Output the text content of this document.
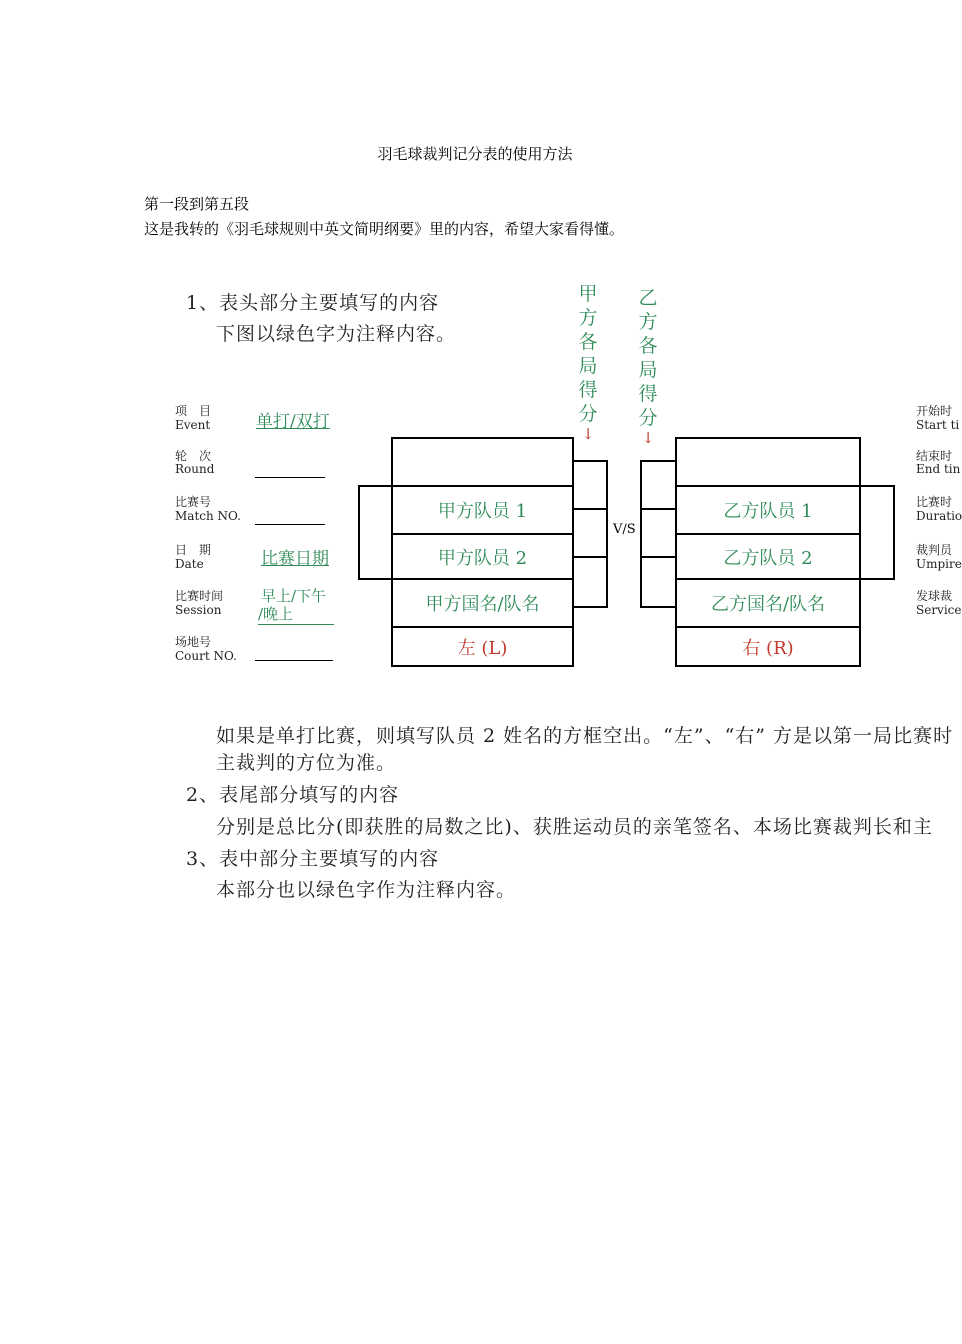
羽毛球裁判记分表的使用方法
第一段到第五段
这是我转的《羽毛球规则中英文简明纲要》里的内容，希望大家看得懂。
1、表头部分主要填写的内容
下图以绿色字为注释内容。
甲
方
各
局
得
分
↓
乙
方
各
局
得
分
↓
项　目
Event	单打/双打
轮　次
Round
比赛号
Match NO.
日　期
Date	比赛日期
比赛时间
Session
早上/下午
/晚上
场地号
Court NO.
甲方队员 1
甲方队员 2
甲方国名/队名
左 (L)
V/S
乙方队员 1
乙方队员 2
乙方国名/队名
右 (R)
开始时
Start ti
结束时
End tin
比赛时
Duratio
裁判员
Umpire
发球裁
Service
如果是单打比赛，则填写队员 2 姓名的方框空出。“左”、“右” 方是以第一局比赛时
主裁判的方位为准。
2、表尾部分填写的内容
分别是总比分(即获胜的局数之比)、获胜运动员的亲笔签名、本场比赛裁判长和主
3、表中部分主要填写的内容
本部分也以绿色字作为注释内容。
